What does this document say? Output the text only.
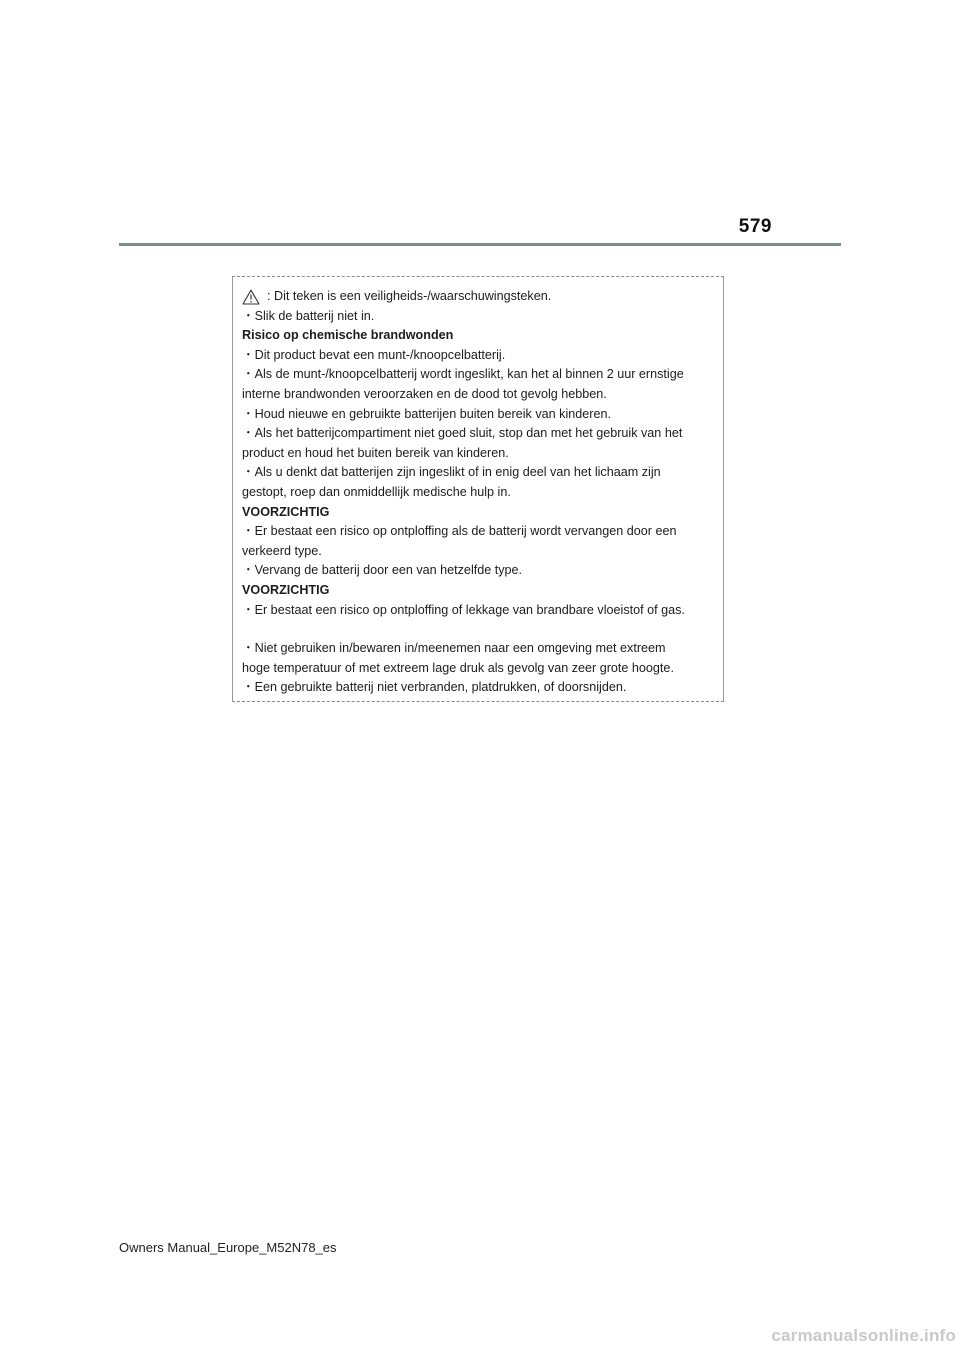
579
: Dit teken is een veiligheids-/waarschuwingsteken.
・Slik de batterij niet in.
Risico op chemische brandwonden
・Dit product bevat een munt-/knoopcelbatterij.
・Als de munt-/knoopcelbatterij wordt ingeslikt, kan het al binnen 2 uur ernstige
interne brandwonden veroorzaken en de dood tot gevolg hebben.
・Houd nieuwe en gebruikte batterijen buiten bereik van kinderen.
・Als het batterijcompartiment niet goed sluit, stop dan met het gebruik van het
product en houd het buiten bereik van kinderen.
・Als u denkt dat batterijen zijn ingeslikt of in enig deel van het lichaam zijn
gestopt, roep dan onmiddellijk medische hulp in.
VOORZICHTIG
・Er bestaat een risico op ontploffing als de batterij wordt vervangen door een
verkeerd type.
・Vervang de batterij door een van hetzelfde type.
VOORZICHTIG
・Er bestaat een risico op ontploffing of lekkage van brandbare vloeistof of gas.
・Niet gebruiken in/bewaren in/meenemen naar een omgeving met extreem
hoge temperatuur of met extreem lage druk als gevolg van zeer grote hoogte.
・Een gebruikte batterij niet verbranden, platdrukken, of doorsnijden.
Owners Manual_Europe_M52N78_es
carmanualsonline.info
